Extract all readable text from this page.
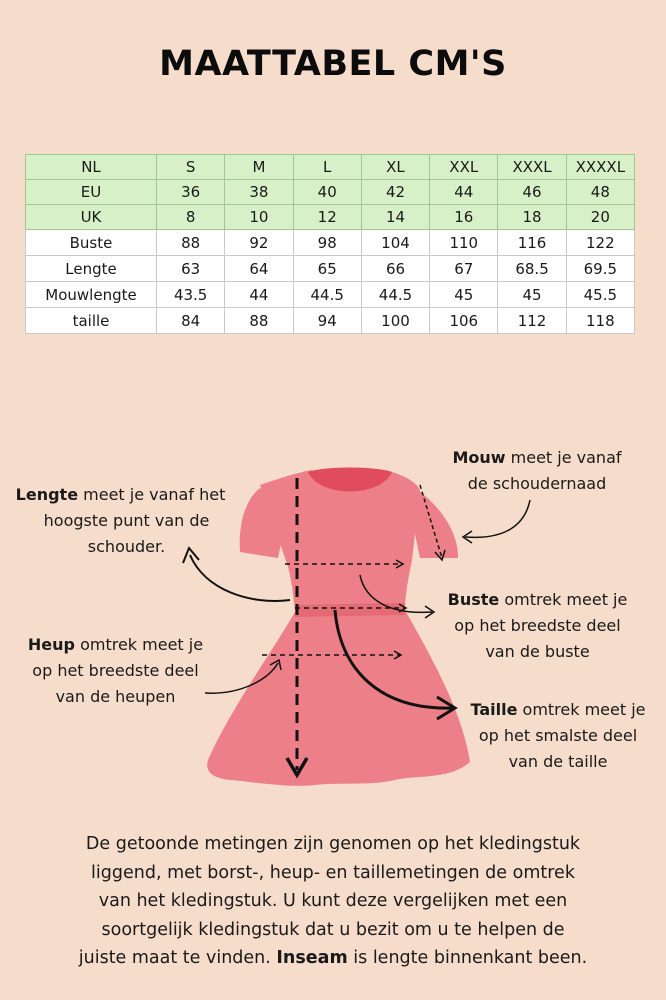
MAATTABEL CM'S
NL	S	M	L	XL	XXL	XXXL	XXXXL
EU	36	38	40	42	44	46	48
UK	8	10	12	14	16	18	20
Buste	88	92	98	104	110	116	122
Lengte	63	64	65	66	67	68.5	69.5
Mouwlengte	43.5	44	44.5	44.5	45	45	45.5
taille	84	88	94	100	106	112	118
Lengte meet je vanaf het
hoogste punt van de
schouder.
Mouw meet je vanaf
de schoudernaad
Buste omtrek meet je
op het breedste deel
van de buste
Heup omtrek meet je
op het breedste deel
van de heupen
Taille omtrek meet je
op het smalste deel
van de taille
De getoonde metingen zijn genomen op het kledingstuk
liggend, met borst-, heup- en taillemetingen de omtrek
van het kledingstuk. U kunt deze vergelijken met een
soortgelijk kledingstuk dat u bezit om u te helpen de
juiste maat te vinden. Inseam is lengte binnenkant been.
